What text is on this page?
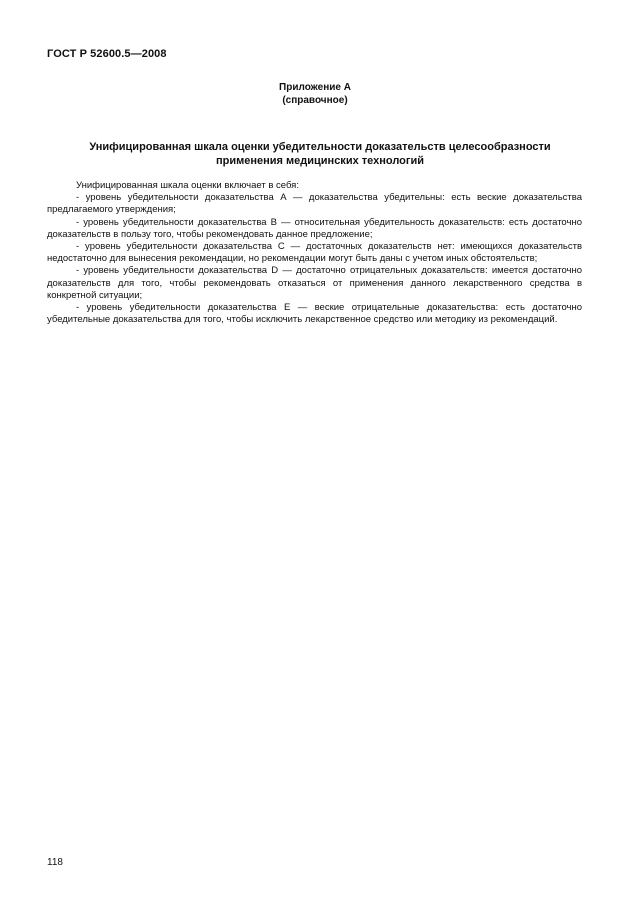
ГОСТ Р 52600.5—2008
Приложение А
(справочное)
Унифицированная шкала оценки убедительности доказательств целесообразности
применения медицинских технологий

Унифицированная шкала оценки включает в себя:

- уровень убедительности доказательства А — доказательства убедительны: есть веские доказательства предлагаемого утверждения;

- уровень убедительности доказательства В — относительная убедительность доказательств: есть достаточно доказательств в пользу того, чтобы рекомендовать данное предложение;

- уровень убедительности доказательства С — достаточных доказательств нет: имеющихся доказательств недостаточно для вынесения рекомендации, но рекомендации могут быть даны с учетом иных обстоятельств;

- уровень убедительности доказательства D — достаточно отрицательных доказательств: имеется достаточно доказательств для того, чтобы рекомендовать отказаться от применения данного лекарственного средства в конкретной ситуации;

- уровень убедительности доказательства Е — веские отрицательные доказательства: есть достаточно убедительные доказательства для того, чтобы исключить лекарственное средство или методику из рекомендаций.

118
